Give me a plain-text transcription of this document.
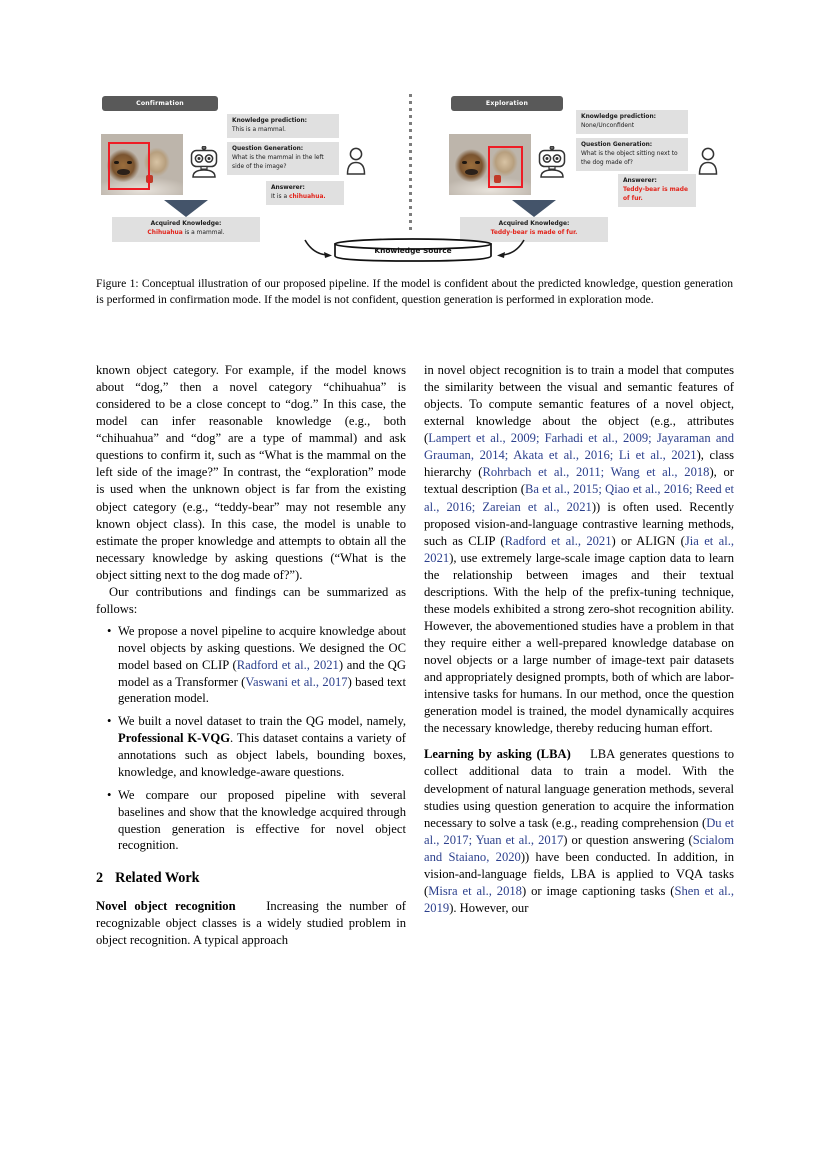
Confirmation
Knowledge prediction:
This is a mammal.
Question Generation:
What is the mammal in the left side of the image?
Answerer:
It is a chihuahua.
Acquired Knowledge:
Chihuahua is a mammal.
Exploration
Knowledge prediction:
None/Unconfident
Question Generation:
What is the object sitting next to the dog made of?
Answerer:
Teddy-bear is made of fur.
Acquired Knowledge:
Teddy-bear is made of fur.
Knowledge Source
Figure 1: Conceptual illustration of our proposed pipeline. If the model is confident about the predicted knowledge, question generation is performed in confirmation mode. If the model is not confident, question generation is performed in exploration mode.

known object category. For example, if the model knows about “dog,” then a novel category “chihuahua” is considered to be a close concept to “dog.” In this case, the model can infer reasonable knowledge (e.g., both “chihuahua” and “dog” are a type of mammal) and ask questions to confirm it, such as “What is the mammal on the left side of the image?” In contrast, the “exploration” mode is used when the unknown object is far from the existing object category (e.g., “teddy-bear” may not resemble any known object class). In this case, the model is unable to estimate the proper knowledge and attempts to obtain all the necessary knowledge by asking questions (“What is the object sitting next to the dog made of?”).

Our contributions and findings can be summarized as follows:

• We propose a novel pipeline to acquire knowledge about novel objects by asking questions. We designed the OC model based on CLIP (Radford et al., 2021) and the QG model as a Transformer (Vaswani et al., 2017) based text generation model.
• We built a novel dataset to train the QG model, namely, Professional K-VQG. This dataset contains a variety of annotations such as object labels, bounding boxes, knowledge, and knowledge-aware questions.
• We compare our proposed pipeline with several baselines and show that the knowledge acquired through question generation is effective for novel object recognition.
2 Related Work

Novel object recognition Increasing the number of recognizable object classes is a widely studied problem in object recognition. A typical approach

in novel object recognition is to train a model that computes the similarity between the visual and semantic features of objects. To compute semantic features of a novel object, external knowledge about the object (e.g., attributes (Lampert et al., 2009; Farhadi et al., 2009; Jayaraman and Grauman, 2014; Akata et al., 2016; Li et al., 2021), class hierarchy (Rohrbach et al., 2011; Wang et al., 2018), or textual description (Ba et al., 2015; Qiao et al., 2016; Reed et al., 2016; Zareian et al., 2021)) is often used. Recently proposed vision-and-language contrastive learning methods, such as CLIP (Radford et al., 2021) or ALIGN (Jia et al., 2021), use extremely large-scale image caption data to learn the relationship between images and their textual descriptions. With the help of the prefix-tuning technique, these models exhibited a strong zero-shot recognition ability. However, the abovementioned studies have a problem in that they require either a well-prepared knowledge database on novel objects or a large number of image-text pair datasets and appropriately designed prompts, both of which are labor-intensive tasks for humans. In our method, once the question generation model is trained, the model dynamically acquires the necessary knowledge, thereby reducing human effort.

Learning by asking (LBA) LBA generates questions to collect additional data to train a model. With the development of natural language generation methods, several studies using question generation to acquire the information necessary to solve a task (e.g., reading comprehension (Du et al., 2017; Yuan et al., 2017) or question answering (Scialom and Staiano, 2020)) have been conducted. In addition, in vision-and-language fields, LBA is applied to VQA tasks (Misra et al., 2018) or image captioning tasks (Shen et al., 2019). However, our
